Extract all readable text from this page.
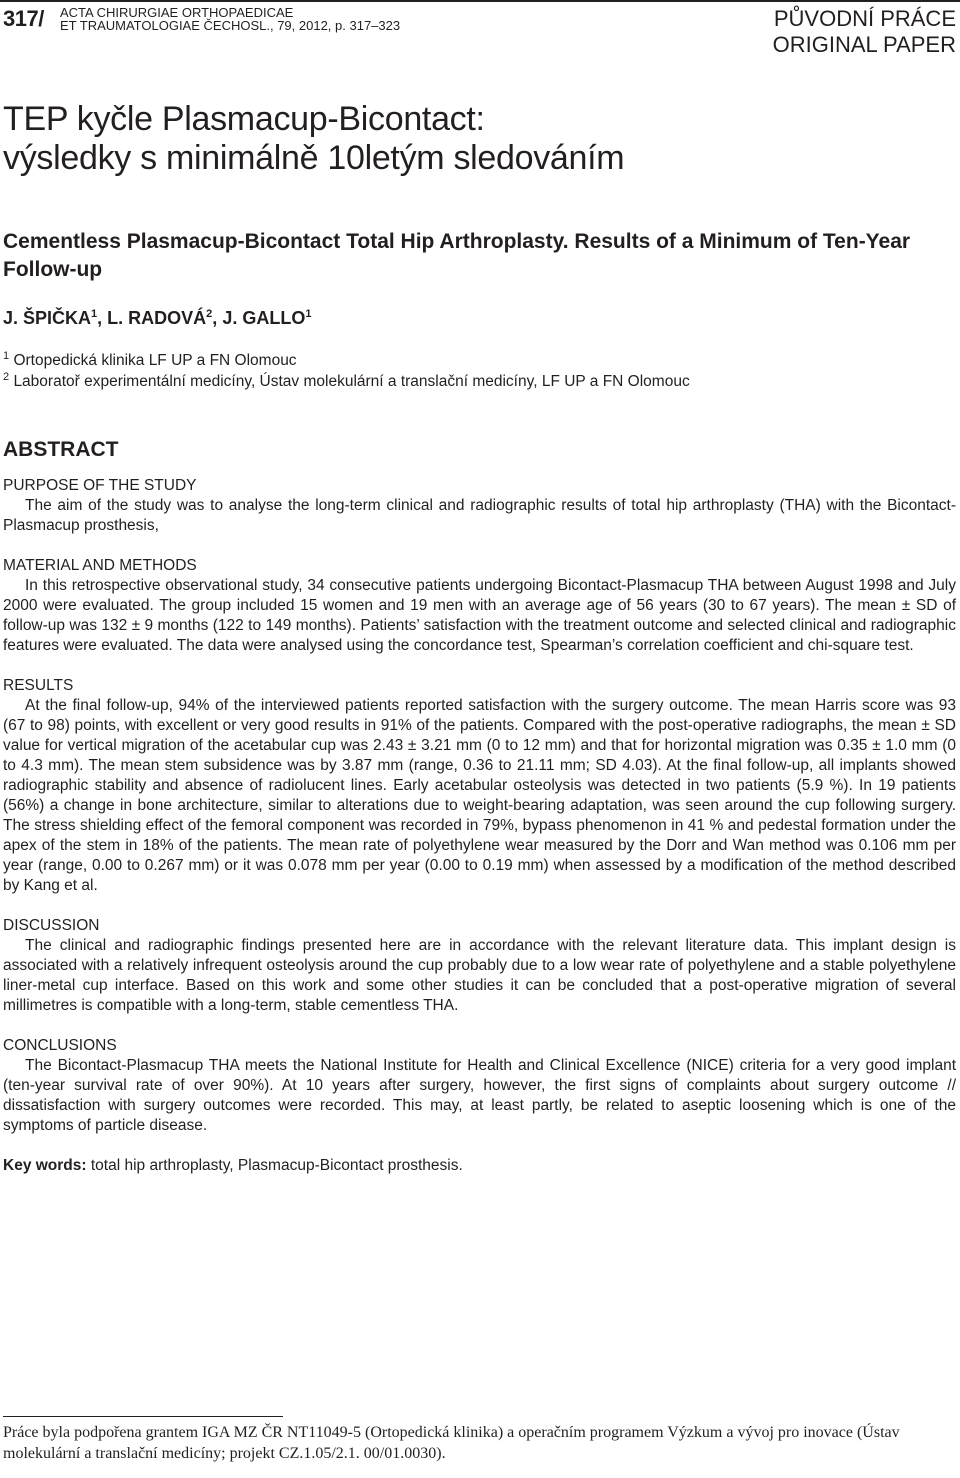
317/ ACTA CHIRURGIAE ORTHOPAEDICAE
ET TRAUMATOLOGIAE ČECHOSL., 79, 2012, p. 317–323	PŮVODNÍ PRÁCE
ORIGINAL PAPER
TEP kyčle Plasmacup-Bicontact:
výsledky s minimálně 10letým sledováním
Cementless Plasmacup-Bicontact Total Hip Arthroplasty. Results of a Minimum of Ten-Year Follow-up
J. ŠPIČKA$^1$, L. RADOVÁ$^2$, J. GALLO$^1$
$^1$ Ortopedická klinika LF UP a FN Olomouc
$^2$ Laboratoř experimentální medicíny, Ústav molekulární a translační medicíny, LF UP a FN Olomouc
ABSTRACT
PURPOSE OF THE STUDY

The aim of the study was to analyse the long-term clinical and radiographic results of total hip arthroplasty (THA) with the Bicontact-Plasmacup prosthesis,

MATERIAL AND METHODS

In this retrospective observational study, 34 consecutive patients undergoing Bicontact-Plasmacup THA between August 1998 and July 2000 were evaluated. The group included 15 women and 19 men with an average age of 56 years (30 to 67 years). The mean ± SD of follow-up was 132 ± 9 months (122 to 149 months). Patients’ satisfaction with the treatment outcome and selected clinical and radiographic features were evaluated. The data were analysed using the concordance test, Spearman’s correlation coefficient and chi-square test.

RESULTS

At the final follow-up, 94% of the interviewed patients reported satisfaction with the surgery outcome. The mean Harris score was 93 (67 to 98) points, with excellent or very good results in 91% of the patients. Compared with the post-operative radiographs, the mean ± SD value for vertical migration of the acetabular cup was 2.43 ± 3.21 mm (0 to 12 mm) and that for horizontal migration was 0.35 ± 1.0 mm (0 to 4.3 mm). The mean stem subsidence was by 3.87 mm (range, 0.36 to 21.11 mm; SD 4.03). At the final follow-up, all implants showed radiographic stability and absence of radiolucent lines. Early acetabular osteolysis was detected in two patients (5.9 %). In 19 patients (56%) a change in bone architecture, similar to alterations due to weight-bearing adaptation, was seen around the cup following surgery. The stress shielding effect of the femoral component was recorded in 79%, bypass phenomenon in 41 % and pedestal formation under the apex of the stem in 18% of the patients. The mean rate of polyethylene wear measured by the Dorr and Wan method was 0.106 mm per year (range, 0.00 to 0.267 mm) or it was 0.078 mm per year (0.00 to 0.19 mm) when assessed by a modification of the method described by Kang et al.

DISCUSSION

The clinical and radiographic findings presented here are in accordance with the relevant literature data. This implant design is associated with a relatively infrequent osteolysis around the cup probably due to a low wear rate of polyethylene and a stable polyethylene liner-metal cup interface. Based on this work and some other studies it can be concluded that a post-operative migration of several millimetres is compatible with a long-term, stable cementless THA.

CONCLUSIONS

The Bicontact-Plasmacup THA meets the National Institute for Health and Clinical Excellence (NICE) criteria for a very good implant (ten-year survival rate of over 90%). At 10 years after surgery, however, the first signs of complaints about surgery outcome // dissatisfaction with surgery outcomes were recorded. This may, at least partly, be related to aseptic loosening which is one of the symptoms of particle disease.

Key words: total hip arthroplasty, Plasmacup-Bicontact prosthesis.

Práce byla podpořena grantem IGA MZ ČR NT11049-5 (Ortopedická klinika) a operačním programem Výzkum a vývoj pro inovace (Ústav molekulární a translační medicíny; projekt CZ.1.05/2.1. 00/01.0030).
